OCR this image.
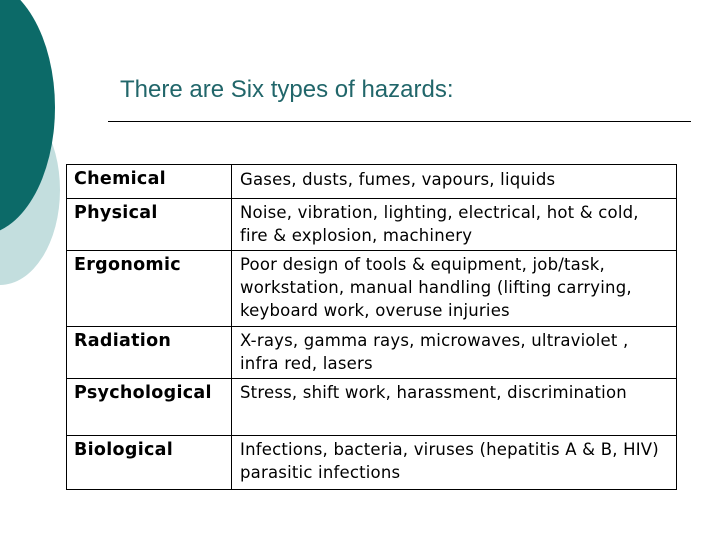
There are Six types of hazards:
Chemical	Gases, dusts, fumes, vapours, liquids
Physical	Noise, vibration, lighting, electrical, hot & cold, fire & explosion, machinery
Ergonomic	Poor design of tools & equipment, job/task, workstation, manual handling (lifting carrying, keyboard work, overuse injuries
Radiation	X-rays, gamma rays, microwaves, ultraviolet , infra red, lasers
Psychological	Stress, shift work, harassment, discrimination
Biological	Infections, bacteria, viruses (hepatitis A & B, HIV) parasitic infections
